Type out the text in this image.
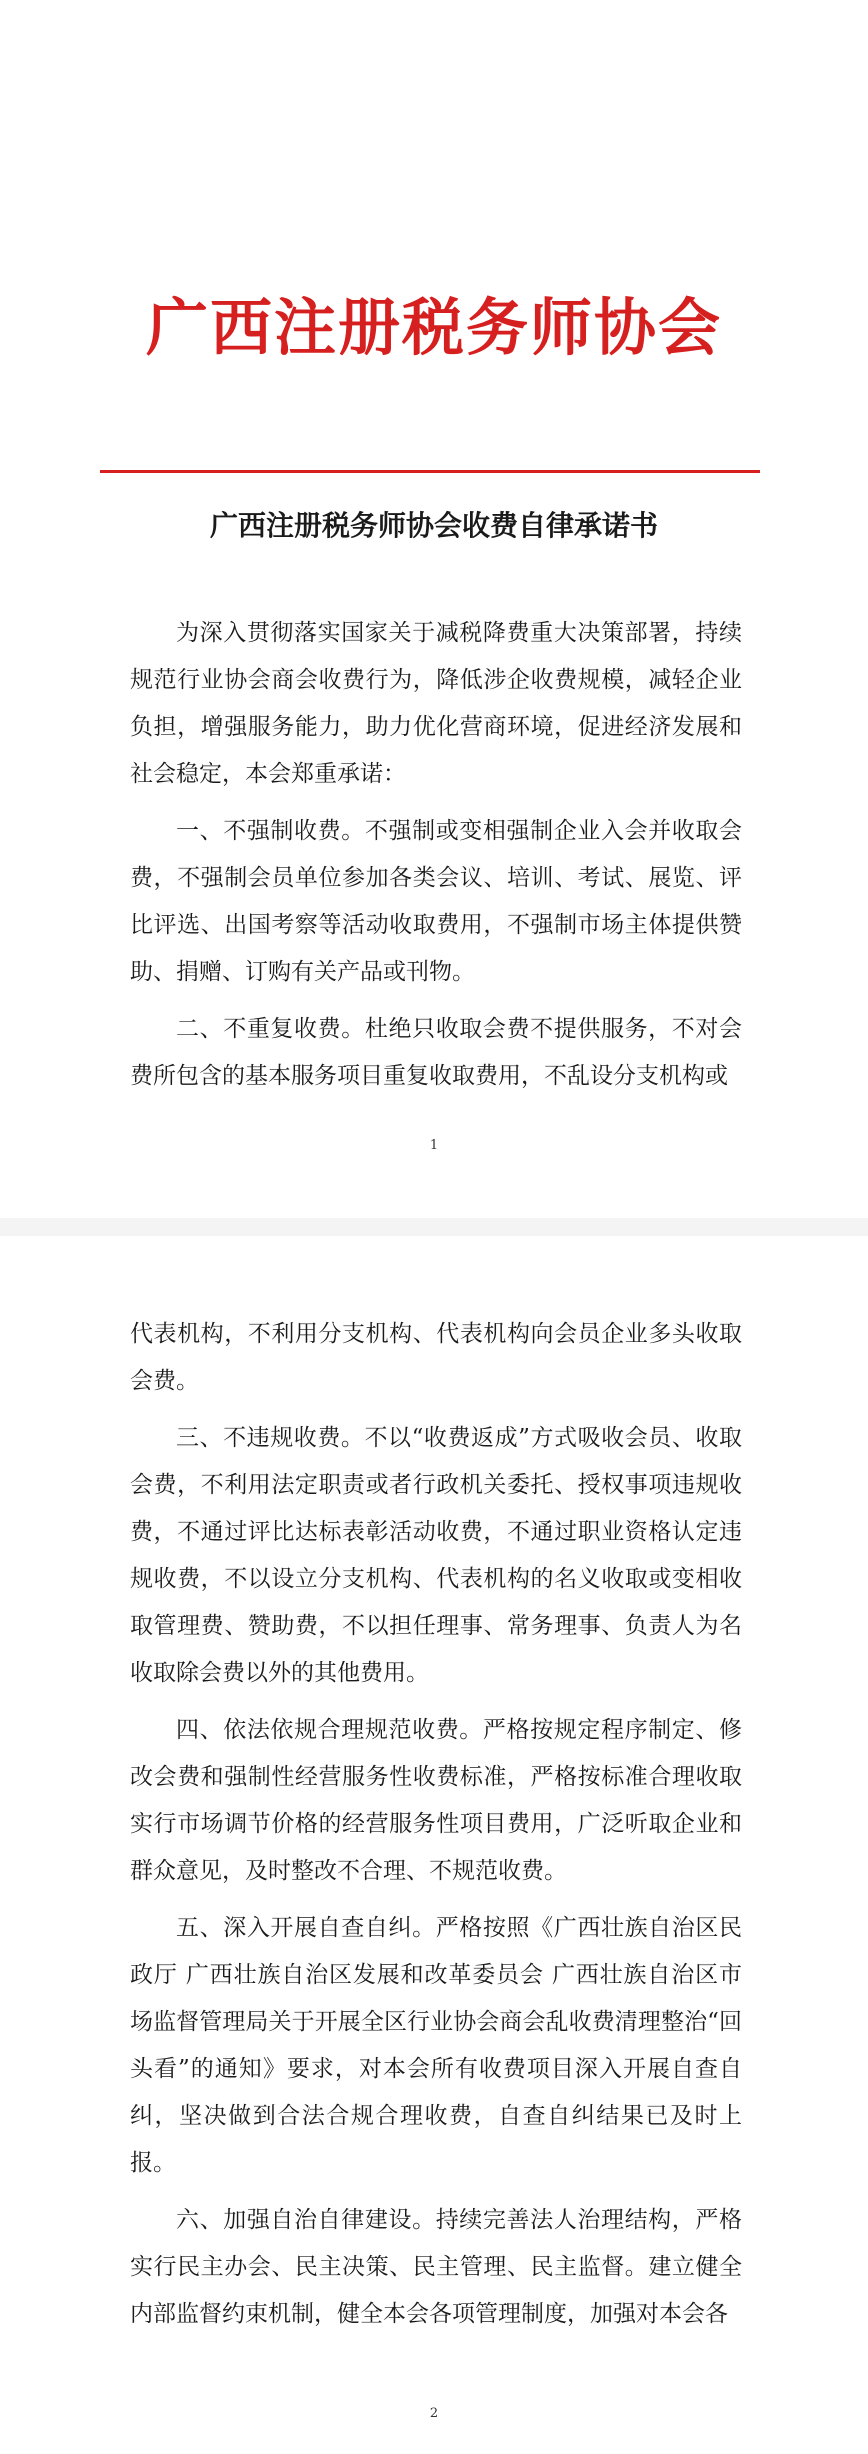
广西注册税务师协会
广西注册税务师协会收费自律承诺书

为深入贯彻落实国家关于减税降费重大决策部署，持续规范行业协会商会收费行为，降低涉企收费规模，减轻企业负担，增强服务能力，助力优化营商环境，促进经济发展和社会稳定，本会郑重承诺：

一、不强制收费。不强制或变相强制企业入会并收取会费，不强制会员单位参加各类会议、培训、考试、展览、评比评选、出国考察等活动收取费用，不强制市场主体提供赞助、捐赠、订购有关产品或刊物。

二、不重复收费。杜绝只收取会费不提供服务，不对会费所包含的基本服务项目重复收取费用，不乱设分支机构或

1

代表机构，不利用分支机构、代表机构向会员企业多头收取会费。

三、不违规收费。不以“收费返成”方式吸收会员、收取会费，不利用法定职责或者行政机关委托、授权事项违规收费，不通过评比达标表彰活动收费，不通过职业资格认定违规收费，不以设立分支机构、代表机构的名义收取或变相收取管理费、赞助费，不以担任理事、常务理事、负责人为名收取除会费以外的其他费用。

四、依法依规合理规范收费。严格按规定程序制定、修改会费和强制性经营服务性收费标准，严格按标准合理收取实行市场调节价格的经营服务性项目费用，广泛听取企业和群众意见，及时整改不合理、不规范收费。

五、深入开展自查自纠。严格按照《广西壮族自治区民政厅 广西壮族自治区发展和改革委员会 广西壮族自治区市场监督管理局关于开展全区行业协会商会乱收费清理整治“回头看”的通知》要求，对本会所有收费项目深入开展自查自纠，坚决做到合法合规合理收费，自查自纠结果已及时上报。

六、加强自治自律建设。持续完善法人治理结构，严格实行民主办会、民主决策、民主管理、民主监督。建立健全内部监督约束机制，健全本会各项管理制度，加强对本会各

2
